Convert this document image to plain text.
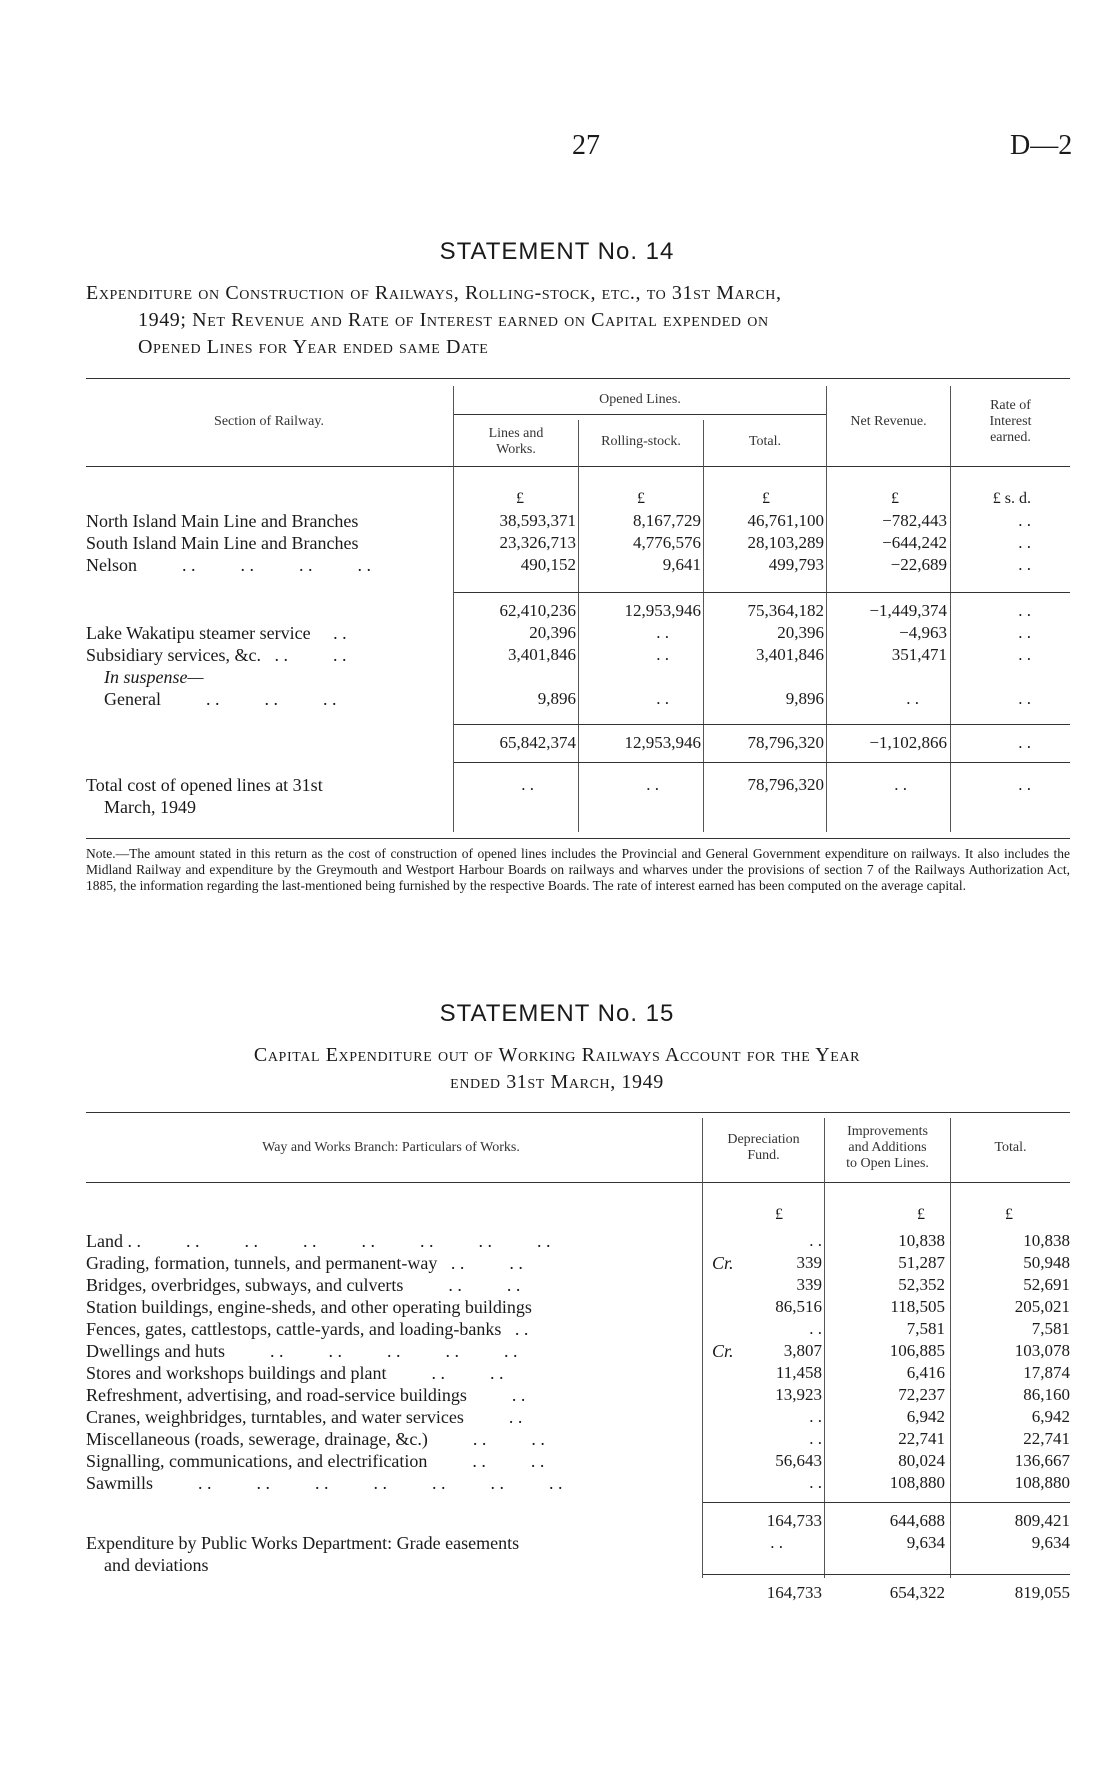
27	D—2
STATEMENT No. 14
Expenditure on Construction of Railways, Rolling-stock, etc., to 31st March,
1949; Net Revenue and Rate of Interest earned on Capital expended on
Opened Lines for Year ended same Date
Section of Railway.
Opened Lines.
Lines and
Works.
Rolling-stock.	Total.
Net Revenue.
Rate of
Interest
earned.
£	£	£	£	£ s. d.
North Island Main Line and Branches	38,593,371	8,167,729	46,761,100	−782,443	. .
South Island Main Line and Branches	23,326,713	4,776,576	28,103,289	−644,242	. .
Nelson          . .          . .          . .          . .	490,152	9,641	499,793	−22,689	. .
62,410,236	12,953,946	75,364,182	−1,449,374	. .
Lake Wakatipu steamer service     . .	20,396	. .	20,396	−4,963	. .
Subsidiary services, &c.   . .          . .	3,401,846	. .	3,401,846	351,471	. .
In suspense—
General          . .          . .          . .	9,896	. .	9,896	. .	. .
65,842,374	12,953,946	78,796,320	−1,102,866	. .
Total cost of opened lines at 31st
March, 1949
. .	. .	78,796,320	. .	. .
Note.—The amount stated in this return as the cost of construction of opened lines includes the Provincial and General Government expenditure on railways. It also includes the Midland Railway and expenditure by the Greymouth and Westport Harbour Boards on railways and wharves under the provisions of section 7 of the Railways Authorization Act, 1885, the information regarding the last-mentioned being furnished by the respective Boards. The rate of interest earned has been computed on the average capital.
STATEMENT No. 15
Capital Expenditure out of Working Railways Account for the Year
ended 31st March, 1949
Way and Works Branch: Particulars of Works.
Depreciation
Fund.
Improvements
and Additions
to Open Lines.
Total.
£	£	£
Land . .          . .          . .          . .          . .          . .          . .          . .	. .	10,838	10,838
Grading, formation, tunnels, and permanent-way   . .          . .	Cr.	339	51,287	50,948
Bridges, overbridges, subways, and culverts          . .          . .	339	52,352	52,691
Station buildings, engine-sheds, and other operating buildings	86,516	118,505	205,021
Fences, gates, cattlestops, cattle-yards, and loading-banks   . .	. .	7,581	7,581
Dwellings and huts          . .          . .          . .          . .          . .	Cr.	3,807	106,885	103,078
Stores and workshops buildings and plant          . .          . .	11,458	6,416	17,874
Refreshment, advertising, and road-service buildings          . .	13,923	72,237	86,160
Cranes, weighbridges, turntables, and water services          . .	. .	6,942	6,942
Miscellaneous (roads, sewerage, drainage, &c.)          . .          . .	. .	22,741	22,741
Signalling, communications, and electrification          . .          . .	56,643	80,024	136,667
Sawmills          . .          . .          . .          . .          . .          . .          . .	. .	108,880	108,880
164,733	644,688	809,421
Expenditure by Public Works Department: Grade easements
and deviations
. .	9,634	9,634
164,733	654,322	819,055
